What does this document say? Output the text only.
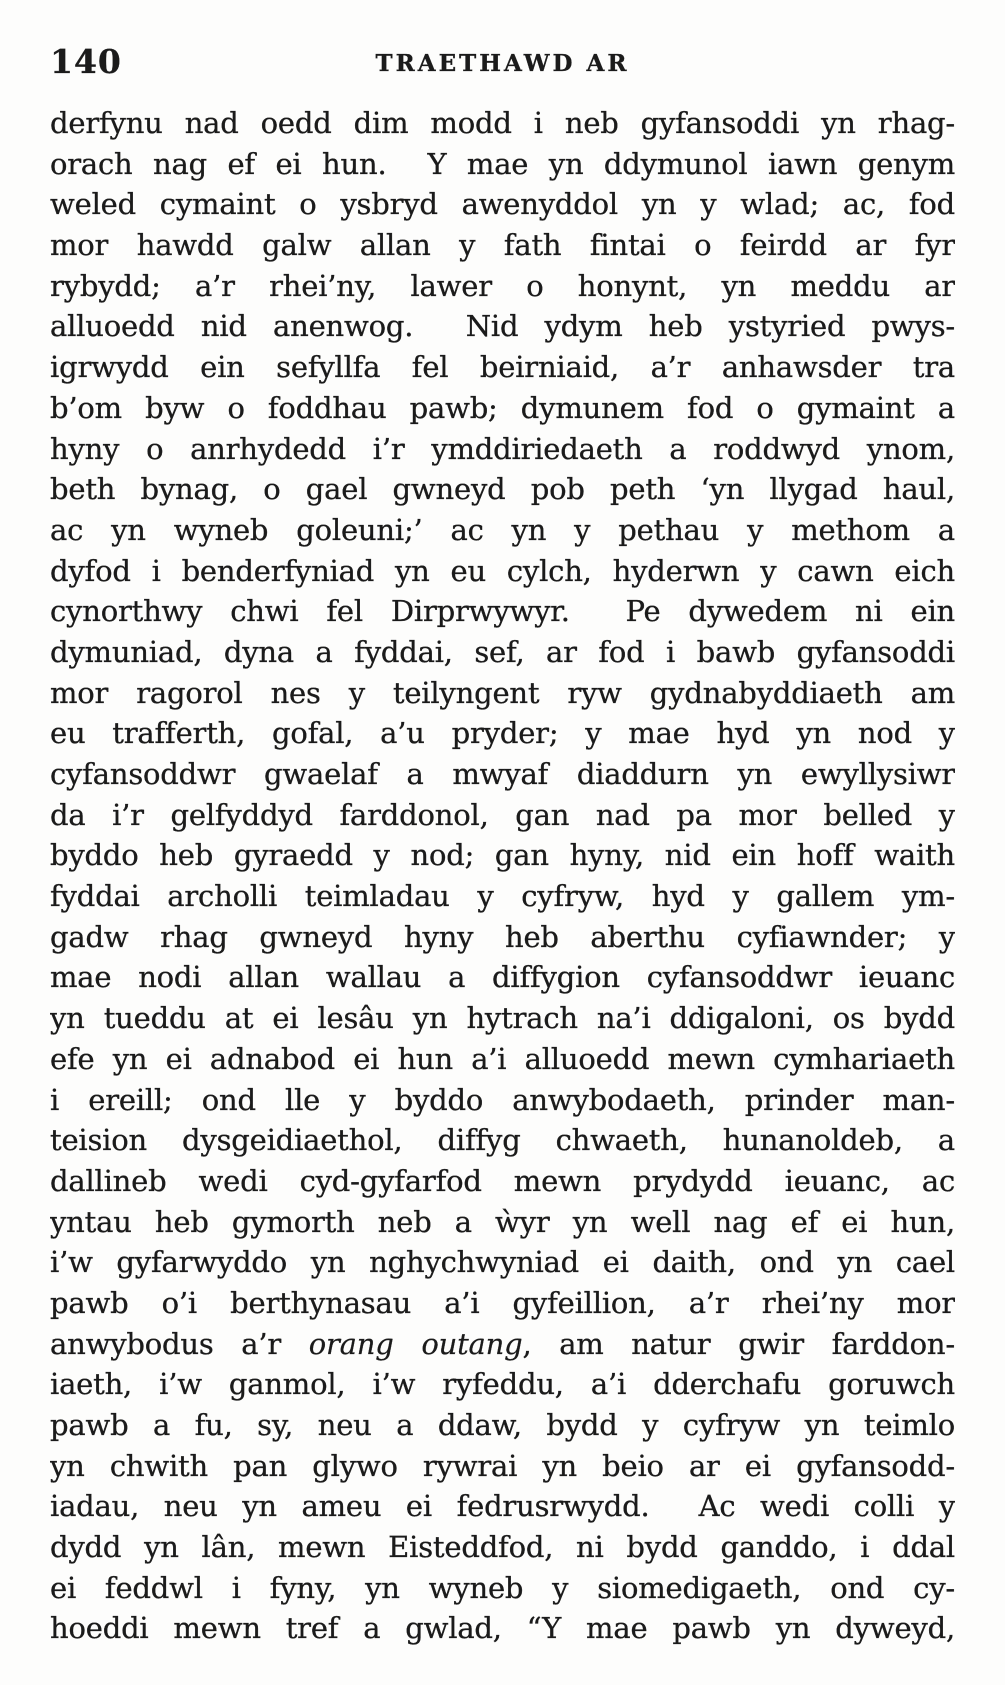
140	TRAETHAWD AR
derfynu nad oedd dim modd i neb gyfansoddi yn rhag-
orach nag ef ei hun.  Y mae yn ddymunol iawn genym
weled cymaint o ysbryd awenyddol yn y wlad; ac, fod
mor hawdd galw allan y fath fintai o feirdd ar fyr
rybydd; a’r rhei’ny, lawer o honynt, yn meddu ar
alluoedd nid anenwog.  Nid ydym heb ystyried pwys-
igrwydd ein sefyllfa fel beirniaid, a’r anhawsder tra
b’om byw o foddhau pawb; dymunem fod o gymaint a
hyny o anrhydedd i’r ymddiriedaeth a roddwyd ynom,
beth bynag, o gael gwneyd pob peth ‘yn llygad haul,
ac yn wyneb goleuni;’ ac yn y pethau y methom a
dyfod i benderfyniad yn eu cylch, hyderwn y cawn eich
cynorthwy chwi fel Dirprwywyr.  Pe dywedem ni ein
dymuniad, dyna a fyddai, sef, ar fod i bawb gyfansoddi
mor ragorol nes y teilyngent ryw gydnabyddiaeth am
eu trafferth, gofal, a’u pryder; y mae hyd yn nod y
cyfansoddwr gwaelaf a mwyaf diaddurn yn ewyllysiwr
da i’r gelfyddyd farddonol, gan nad pa mor belled y
byddo heb gyraedd y nod; gan hyny, nid ein hoff waith
fyddai archolli teimladau y cyfryw, hyd y gallem ym-
gadw rhag gwneyd hyny heb aberthu cyfiawnder; y
mae nodi allan wallau a diffygion cyfansoddwr ieuanc
yn tueddu at ei lesâu yn hytrach na’i ddigaloni, os bydd
efe yn ei adnabod ei hun a’i alluoedd mewn cymhariaeth
i ereill; ond lle y byddo anwybodaeth, prinder man-
teision dysgeidiaethol, diffyg chwaeth, hunanoldeb, a
dallineb wedi cyd-gyfarfod mewn prydydd ieuanc, ac
yntau heb gymorth neb a ẁyr yn well nag ef ei hun,
i’w gyfarwyddo yn nghychwyniad ei daith, ond yn cael
pawb o’i berthynasau a’i gyfeillion, a’r rhei’ny mor
anwybodus a’r orang outang, am natur gwir farddon-
iaeth, i’w ganmol, i’w ryfeddu, a’i dderchafu goruwch
pawb a fu, sy, neu a ddaw, bydd y cyfryw yn teimlo
yn chwith pan glywo rywrai yn beio ar ei gyfansodd-
iadau, neu yn ameu ei fedrusrwydd.  Ac wedi colli y
dydd yn lân, mewn Eisteddfod, ni bydd ganddo, i ddal
ei feddwl i fyny, yn wyneb y siomedigaeth, ond cy-
hoeddi mewn tref a gwlad, “Y mae pawb yn dyweyd,
